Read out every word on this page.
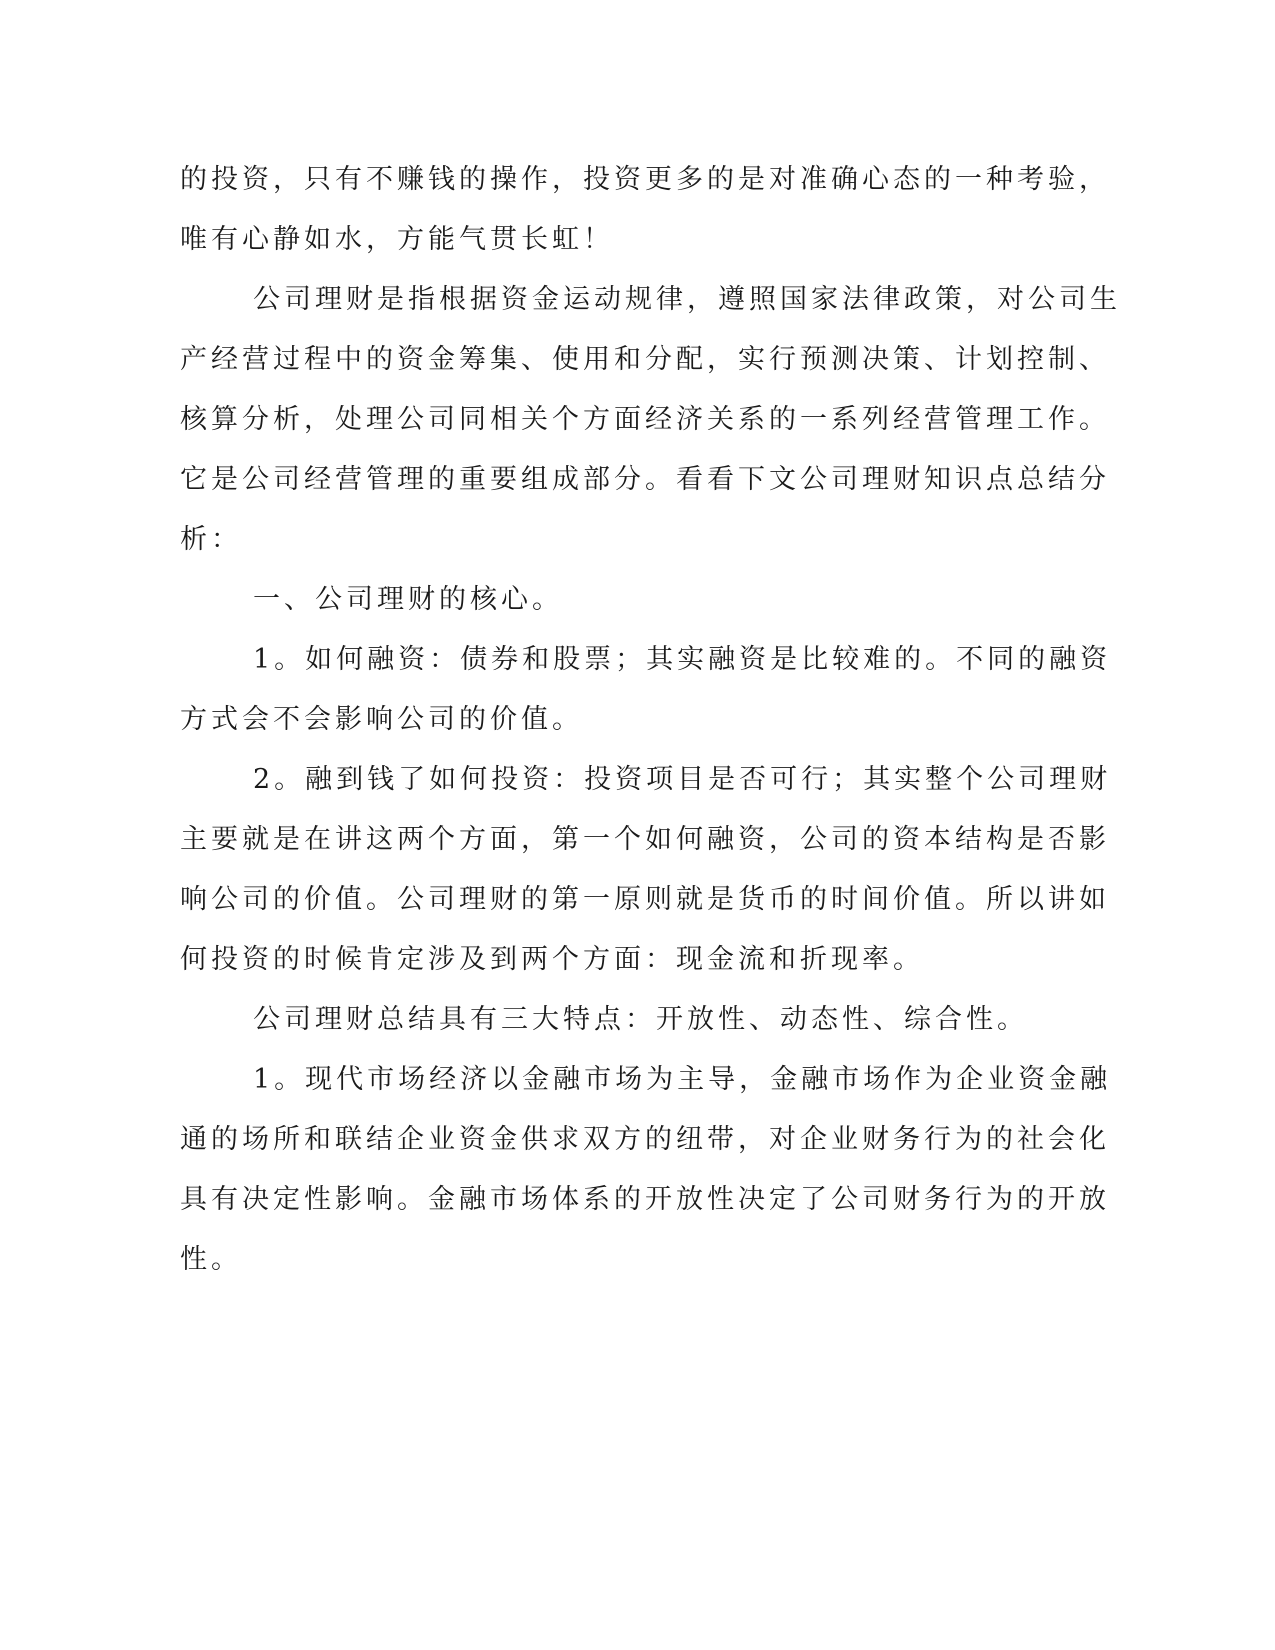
的投资，只有不赚钱的操作，投资更多的是对准确心态的一种考验，
唯有心静如水，方能气贯长虹！
公司理财是指根据资金运动规律，遵照国家法律政策，对公司生
产经营过程中的资金筹集、使用和分配，实行预测决策、计划控制、
核算分析，处理公司同相关个方面经济关系的一系列经营管理工作。
它是公司经营管理的重要组成部分。看看下文公司理财知识点总结分
析：
一、公司理财的核心。
1。如何融资：债券和股票；其实融资是比较难的。不同的融资
方式会不会影响公司的价值。
2。融到钱了如何投资：投资项目是否可行；其实整个公司理财
主要就是在讲这两个方面，第一个如何融资，公司的资本结构是否影
响公司的价值。公司理财的第一原则就是货币的时间价值。所以讲如
何投资的时候肯定涉及到两个方面：现金流和折现率。
公司理财总结具有三大特点：开放性、动态性、综合性。
1。现代市场经济以金融市场为主导，金融市场作为企业资金融
通的场所和联结企业资金供求双方的纽带，对企业财务行为的社会化
具有决定性影响。金融市场体系的开放性决定了公司财务行为的开放
性。
